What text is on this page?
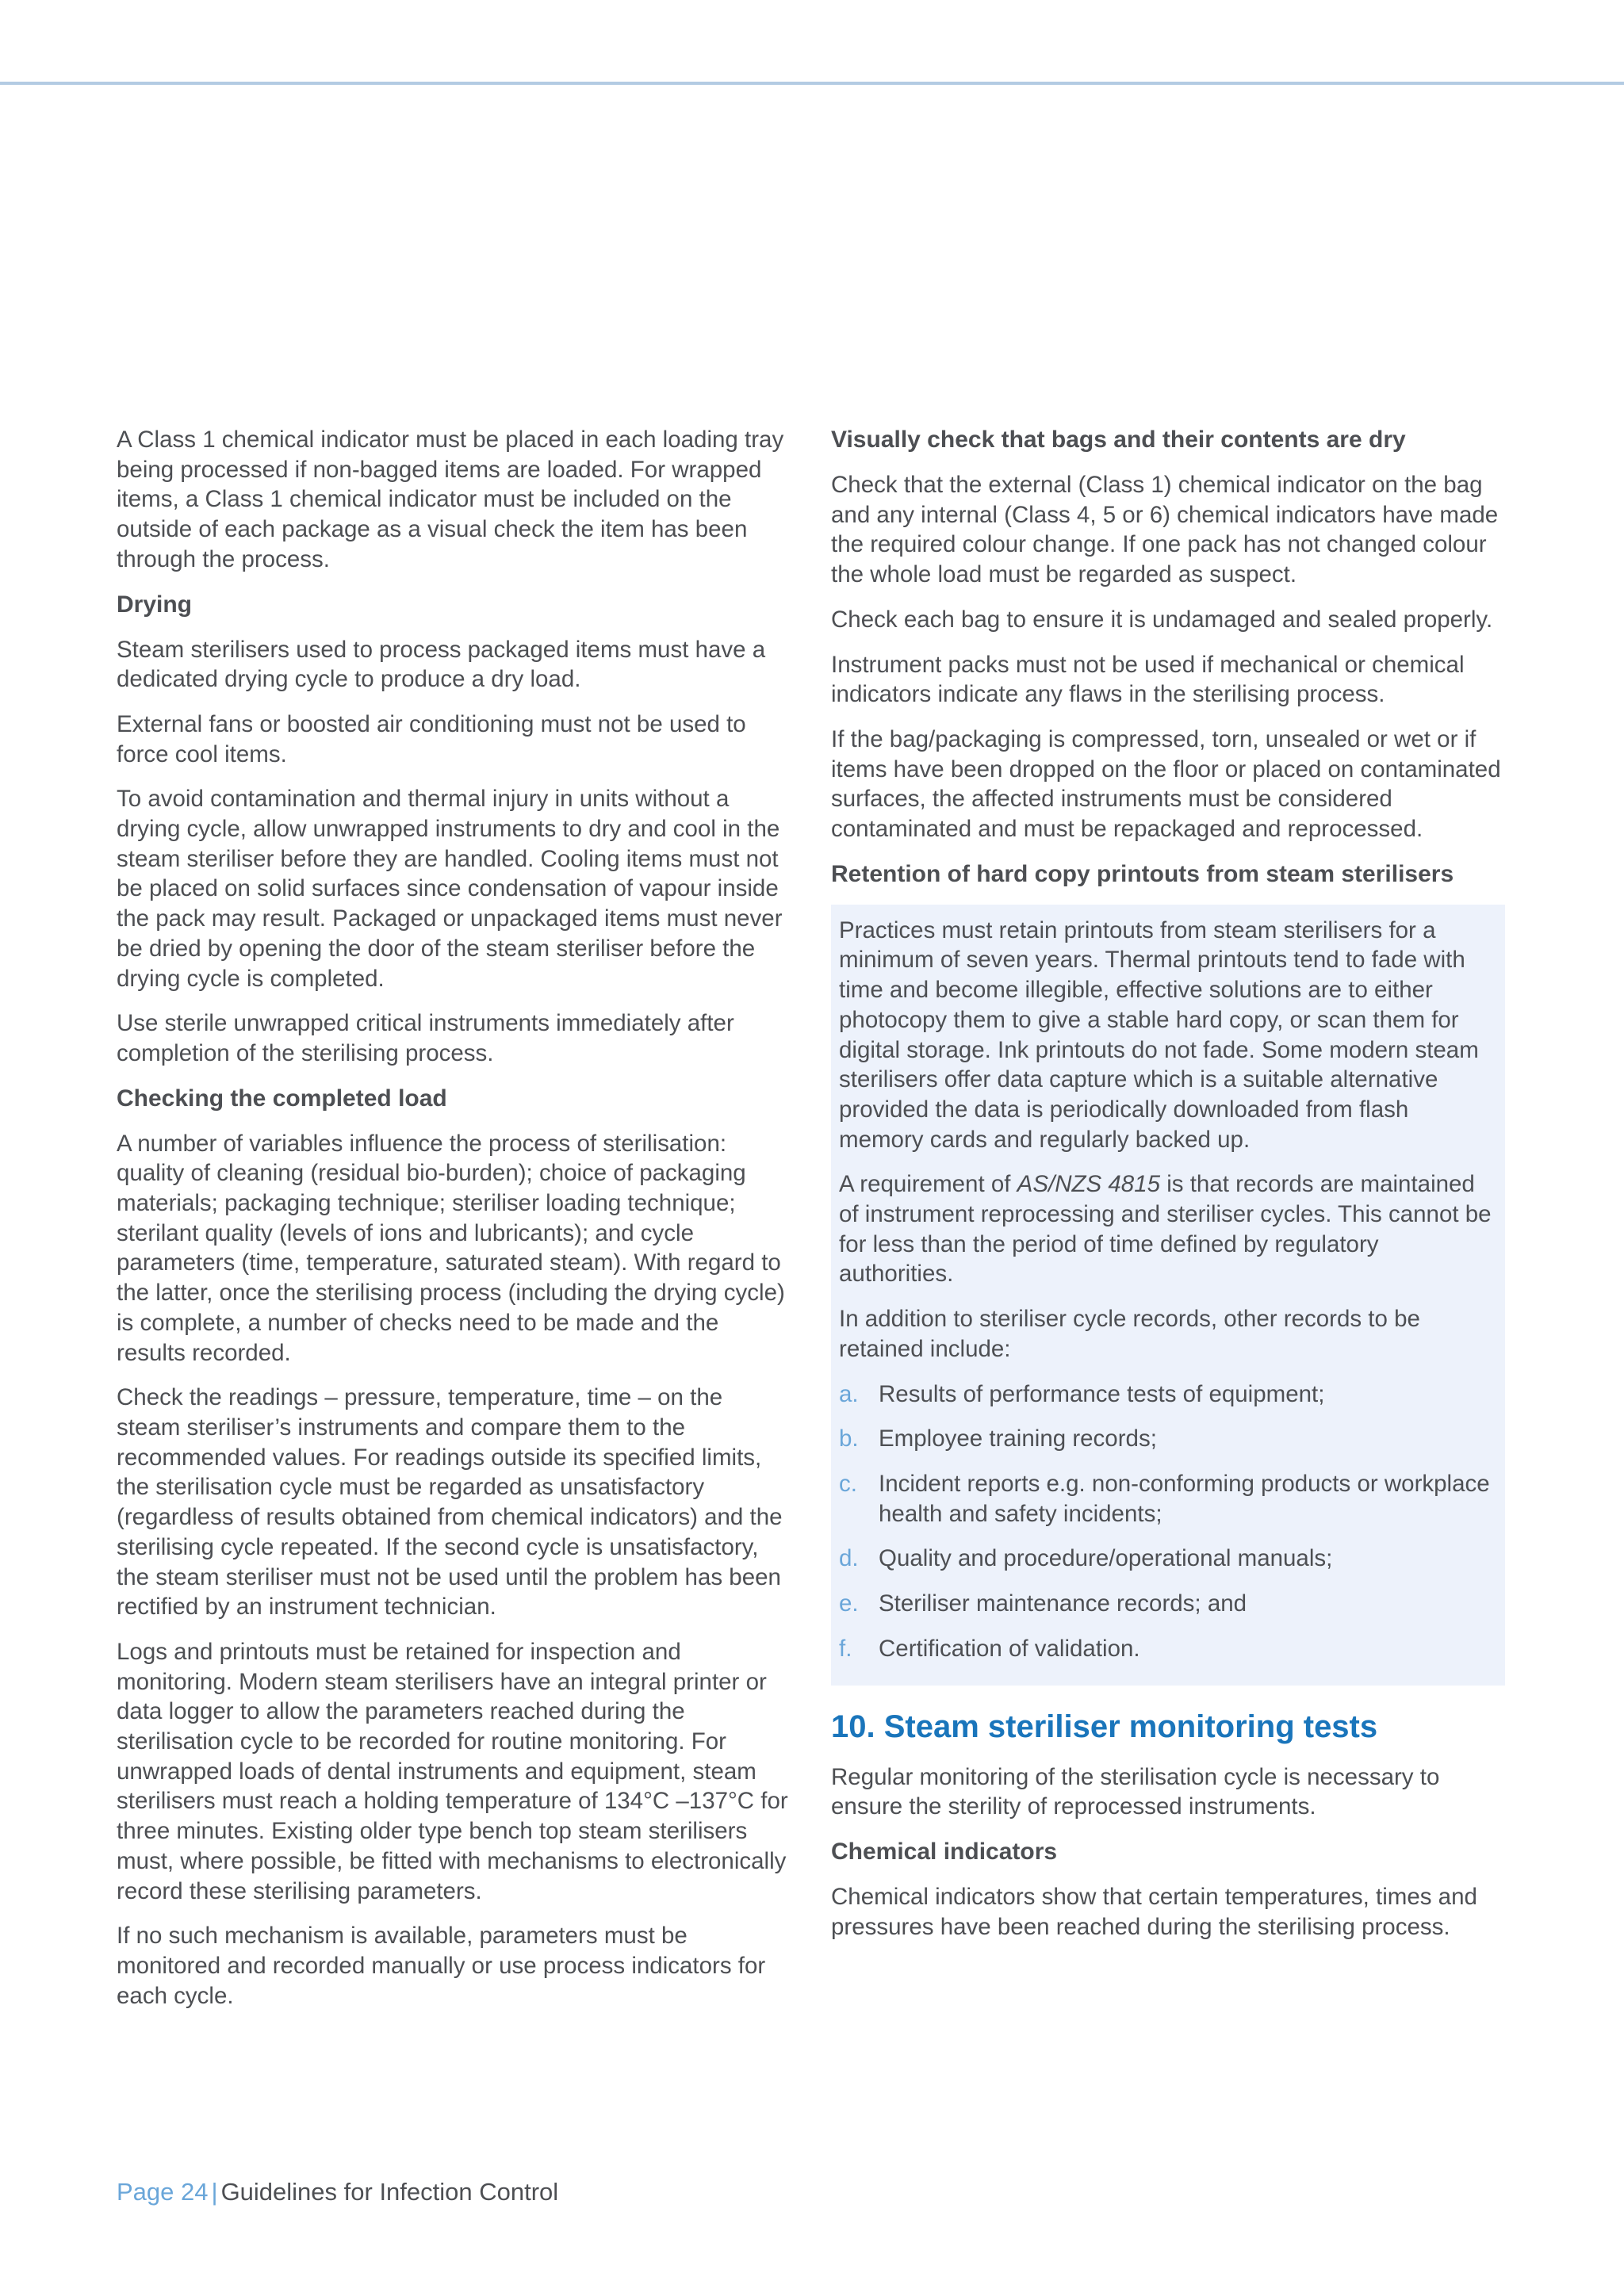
A Class 1 chemical indicator must be placed in each loading tray being processed if non-bagged items are loaded. For wrapped items, a Class 1 chemical indicator must be included on the outside of each package as a visual check the item has been through the process.

Drying

Steam sterilisers used to process packaged items must have a dedicated drying cycle to produce a dry load.

External fans or boosted air conditioning must not be used to force cool items.

To avoid contamination and thermal injury in units without a drying cycle, allow unwrapped instruments to dry and cool in the steam steriliser before they are handled. Cooling items must not be placed on solid surfaces since condensation of vapour inside the pack may result. Packaged or unpackaged items must never be dried by opening the door of the steam steriliser before the drying cycle is completed.

Use sterile unwrapped critical instruments immediately after completion of the sterilising process.

Checking the completed load

A number of variables influence the process of sterilisation: quality of cleaning (residual bio-burden); choice of packaging materials; packaging technique; steriliser loading technique; sterilant quality (levels of ions and lubricants); and cycle parameters (time, temperature, saturated steam). With regard to the latter, once the sterilising process (including the drying cycle) is complete, a number of checks need to be made and the results recorded.

Check the readings – pressure, temperature, time – on the steam steriliser’s instruments and compare them to the recommended values. For readings outside its specified limits, the sterilisation cycle must be regarded as unsatisfactory (regardless of results obtained from chemical indicators) and the sterilising cycle repeated. If the second cycle is unsatisfactory, the steam steriliser must not be used until the problem has been rectified by an instrument technician.

Logs and printouts must be retained for inspection and monitoring. Modern steam sterilisers have an integral printer or data logger to allow the parameters reached during the sterilisation cycle to be recorded for routine monitoring. For unwrapped loads of dental instruments and equipment, steam sterilisers must reach a holding temperature of 134°C –137°C for three minutes. Existing older type bench top steam sterilisers must, where possible, be fitted with mechanisms to electronically record these sterilising parameters.

If no such mechanism is available, parameters must be monitored and recorded manually or use process indicators for each cycle.

Visually check that bags and their contents are dry

Check that the external (Class 1) chemical indicator on the bag and any internal (Class 4, 5 or 6) chemical indicators have made the required colour change. If one pack has not changed colour the whole load must be regarded as suspect.

Check each bag to ensure it is undamaged and sealed properly.

Instrument packs must not be used if mechanical or chemical indicators indicate any flaws in the sterilising process.

If the bag/packaging is compressed, torn, unsealed or wet or if items have been dropped on the floor or placed on contaminated surfaces, the affected instruments must be considered contaminated and must be repackaged and reprocessed.

Retention of hard copy printouts from steam sterilisers

Practices must retain printouts from steam sterilisers for a minimum of seven years. Thermal printouts tend to fade with time and become illegible, effective solutions are to either photocopy them to give a stable hard copy, or scan them for digital storage. Ink printouts do not fade. Some modern steam sterilisers offer data capture which is a suitable alternative provided the data is periodically downloaded from flash memory cards and regularly backed up.

A requirement of AS/NZS 4815 is that records are maintained of instrument reprocessing and steriliser cycles. This cannot be for less than the period of time defined by regulatory authorities.

In addition to steriliser cycle records, other records to be retained include:

a. Results of performance tests of equipment;
b. Employee training records;
c. Incident reports e.g. non-conforming products or workplace health and safety incidents;
d. Quality and procedure/operational manuals;
e. Steriliser maintenance records; and
f.	Certification of validation.
10. Steam steriliser monitoring tests

Regular monitoring of the sterilisation cycle is necessary to ensure the sterility of reprocessed instruments.

Chemical indicators

Chemical indicators show that certain temperatures, times and pressures have been reached during the sterilising process.

Page 24 | Guidelines for Infection Control
